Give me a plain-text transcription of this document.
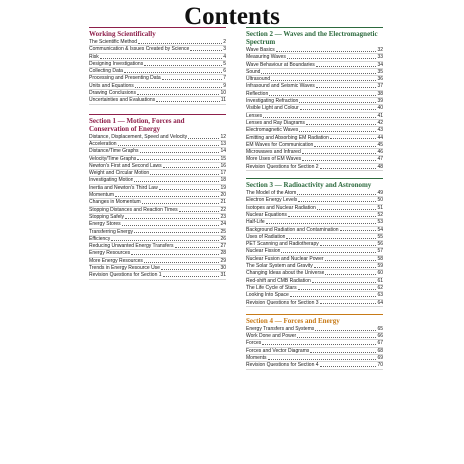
Contents
Working Scientifically
The Scientific Method	2
Communication & Issues Created by Science	3
Risk	4
Designing Investigations	5
Collecting Data	6
Processing and Presenting Data	7
Units and Equations	9
Drawing Conclusions	10
Uncertainties and Evaluations	11
Section 1 — Motion, Forces and Conservation of Energy
Distance, Displacement, Speed and Velocity	12
Acceleration	13
Distance/Time Graphs	14
Velocity/Time Graphs	15
Newton's First and Second Laws	16
Weight and Circular Motion	17
Investigating Motion	18
Inertia and Newton's Third Law	19
Momentum	20
Changes in Momentum	21
Stopping Distances and Reaction Times	22
Stopping Safely	23
Energy Stores	24
Transferring Energy	25
Efficiency	26
Reducing Unwanted Energy Transfers	27
Energy Resources	28
More Energy Resources	29
Trends in Energy Resource Use	30
Revision Questions for Section 1	31
Section 2 — Waves and the Electromagnetic Spectrum
Wave Basics	32
Measuring Waves	33
Wave Behaviour at Boundaries	34
Sound	35
Ultrasound	36
Infrasound and Seismic Waves	37
Reflection	38
Investigating Refraction	39
Visible Light and Colour	40
Lenses	41
Lenses and Ray Diagrams	42
Electromagnetic Waves	43
Emitting and Absorbing EM Radiation	44
EM Waves for Communication	45
Microwaves and Infrared	46
More Uses of EM Waves	47
Revision Questions for Section 2	48
Section 3 — Radioactivity and Astronomy
The Model of the Atom	49
Electron Energy Levels	50
Isotopes and Nuclear Radiation	51
Nuclear Equations	52
Half-Life	53
Background Radiation and Contamination	54
Uses of Radiation	55
PET Scanning and Radiotherapy	56
Nuclear Fission	57
Nuclear Fusion and Nuclear Power	58
The Solar System and Gravity	59
Changing Ideas about the Universe	60
Red-shift and CMB Radiation	61
The Life Cycle of Stars	62
Looking Into Space	63
Revision Questions for Section 3	64
Section 4 — Forces and Energy
Energy Transfers and Systems	65
Work Done and Power	66
Forces	67
Forces and Vector Diagrams	68
Moments	69
Revision Questions for Section 4	70
